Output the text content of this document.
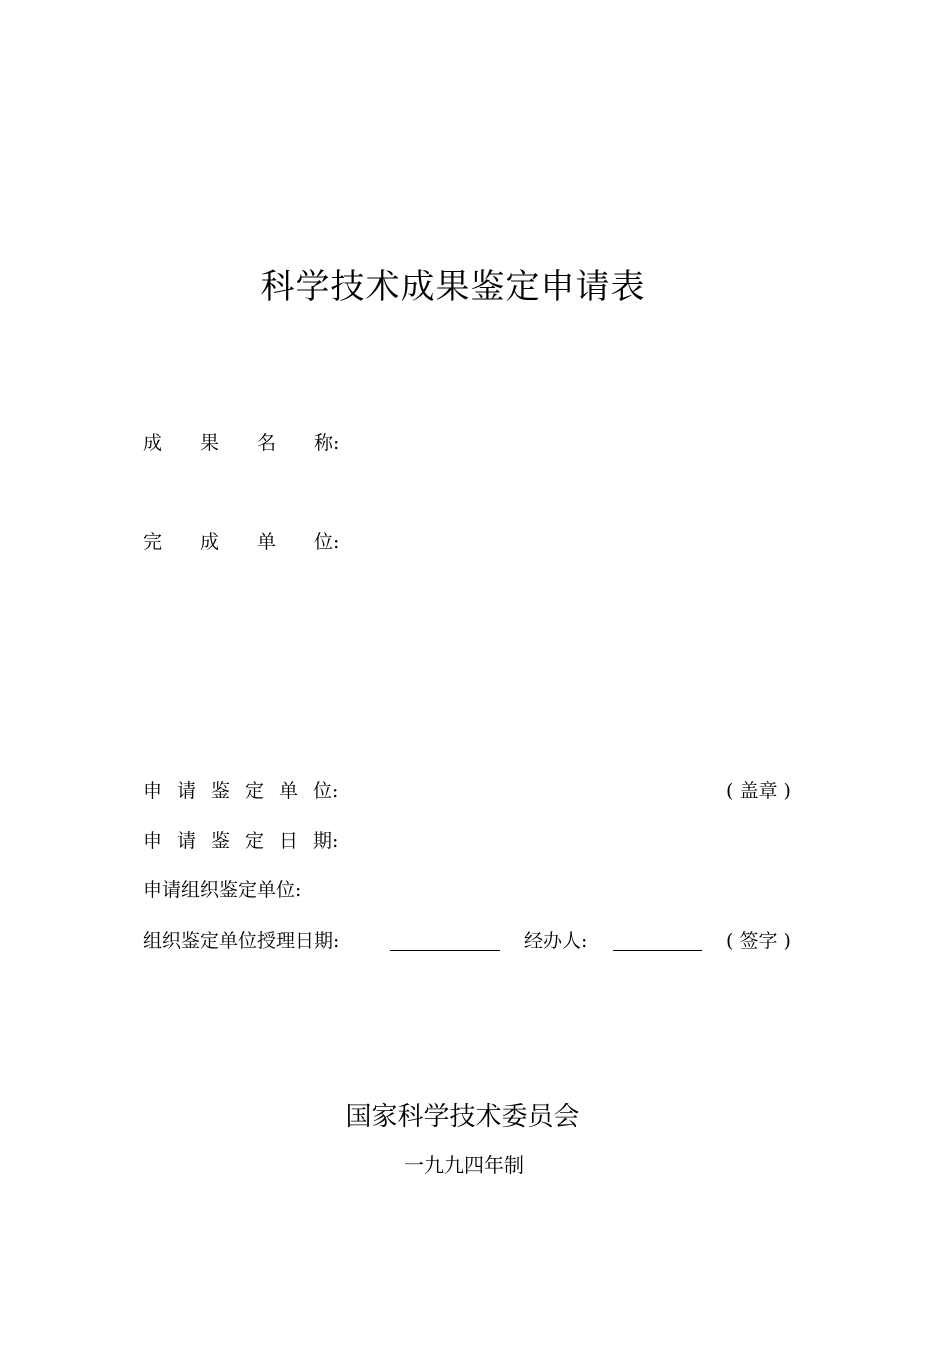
科学技术成果鉴定申请表
成 果 名 称:
完 成 单 位:
申 请 鉴 定 单 位:	( 盖章 )
申 请 鉴 定 日 期:
申请组织鉴定单位:
组织鉴定单位授理日期:	经办人:	( 签字 )
国家科学技术委员会
一九九四年制
